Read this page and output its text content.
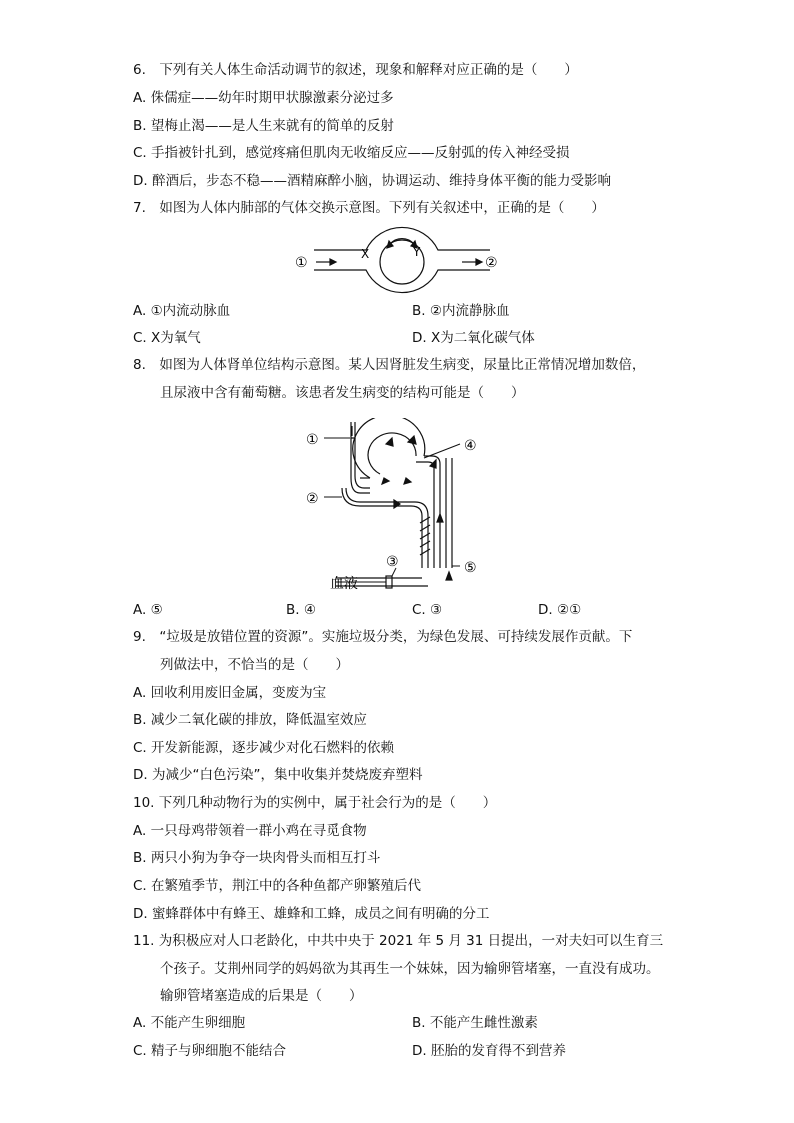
6.　下列有关人体生命活动调节的叙述，现象和解释对应正确的是（　　）
A. 侏儒症——幼年时期甲状腺激素分泌过多
B. 望梅止渴——是人生来就有的简单的反射
C. 手指被针扎到，感觉疼痛但肌肉无收缩反应——反射弧的传入神经受损
D. 醉酒后，步态不稳——酒精麻醉小脑，协调运动、维持身体平衡的能力受影响
7.　如图为人体内肺部的气体交换示意图。下列有关叙述中，正确的是（　　）
①	②
X	Y
A. ①内流动脉血	B. ②内流静脉血
C. X为氧气	D. X为二氧化碳气体
8.　如图为人体肾单位结构示意图。某人因肾脏发生病变，尿量比正常情况增加数倍，
且尿液中含有葡萄糖。该患者发生病变的结构可能是（　　）
①
②
③
④
⑤
血液
A. ⑤	B. ④	C. ③	D. ②①
9.　“垃圾是放错位置的资源”。实施垃圾分类，为绿色发展、可持续发展作贡献。下
列做法中，不恰当的是（　　）
A. 回收利用废旧金属，变废为宝
B. 减少二氧化碳的排放，降低温室效应
C. 开发新能源，逐步减少对化石燃料的依赖
D. 为减少“白色污染”，集中收集并焚烧废弃塑料
10. 下列几种动物行为的实例中，属于社会行为的是（　　）
A. 一只母鸡带领着一群小鸡在寻觅食物
B. 两只小狗为争夺一块肉骨头而相互打斗
C. 在繁殖季节，荆江中的各种鱼都产卵繁殖后代
D. 蜜蜂群体中有蜂王、雄蜂和工蜂，成员之间有明确的分工
11. 为积极应对人口老龄化，中共中央于 2021 年 5 月 31 日提出，一对夫妇可以生育三
个孩子。艾荆州同学的妈妈欲为其再生一个妹妹，因为输卵管堵塞，一直没有成功。
输卵管堵塞造成的后果是（　　）
A. 不能产生卵细胞	B. 不能产生雌性激素
C. 精子与卵细胞不能结合	D. 胚胎的发育得不到营养
